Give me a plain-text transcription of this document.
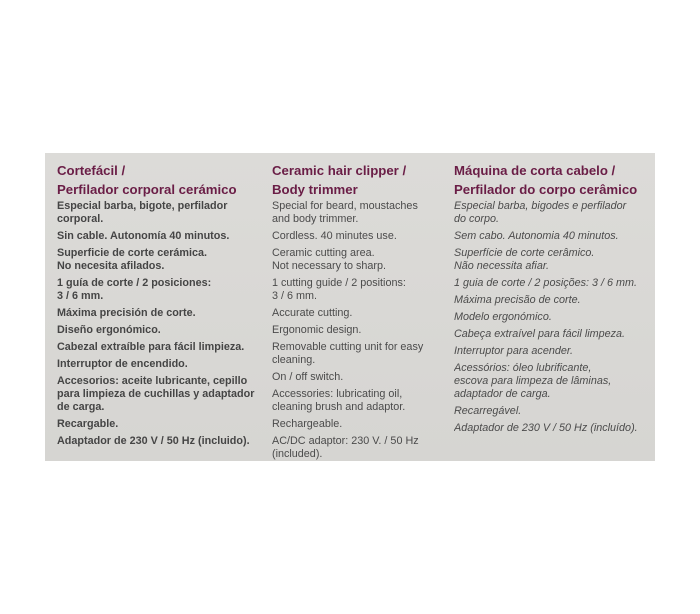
Cortefácil /
Perfilador corporal cerámico
Especial barba, bigote, perfilador
corporal.
Sin cable. Autonomía 40 minutos.
Superficie de corte cerámica.
No necesita afilados.
1 guía de corte / 2 posiciones:
3 / 6 mm.
Máxima precisión de corte.
Diseño ergonómico.
Cabezal extraíble para fácil limpieza.
Interruptor de encendido.
Accesorios: aceite lubricante, cepillo
para limpieza de cuchillas y adaptador
de carga.
Recargable.
Adaptador de 230 V / 50 Hz (incluido).
Ceramic hair clipper /
Body trimmer
Special for beard, moustaches
and body trimmer.
Cordless. 40 minutes use.
Ceramic cutting area.
Not necessary to sharp.
1 cutting guide / 2 positions:
3 / 6 mm.
Accurate cutting.
Ergonomic design.
Removable cutting unit for easy
cleaning.
On / off switch.
Accessories: lubricating oil,
cleaning brush and adaptor.
Rechargeable.
AC/DC adaptor: 230 V. / 50 Hz
(included).
Máquina de corta cabelo /
Perfilador do corpo cerâmico
Especial barba, bigodes e perfilador
do corpo.
Sem cabo. Autonomia 40 minutos.
Superfície de corte cerâmico.
Não necessita afiar.
1 guia de corte / 2 posições: 3 / 6 mm.
Máxima precisão de corte.
Modelo ergonómico.
Cabeça extraível para fácil limpeza.
Interruptor para acender.
Acessórios: óleo lubrificante,
escova para limpeza de lâminas,
adaptador de carga.
Recarregável.
Adaptador de 230 V / 50 Hz (incluído).
